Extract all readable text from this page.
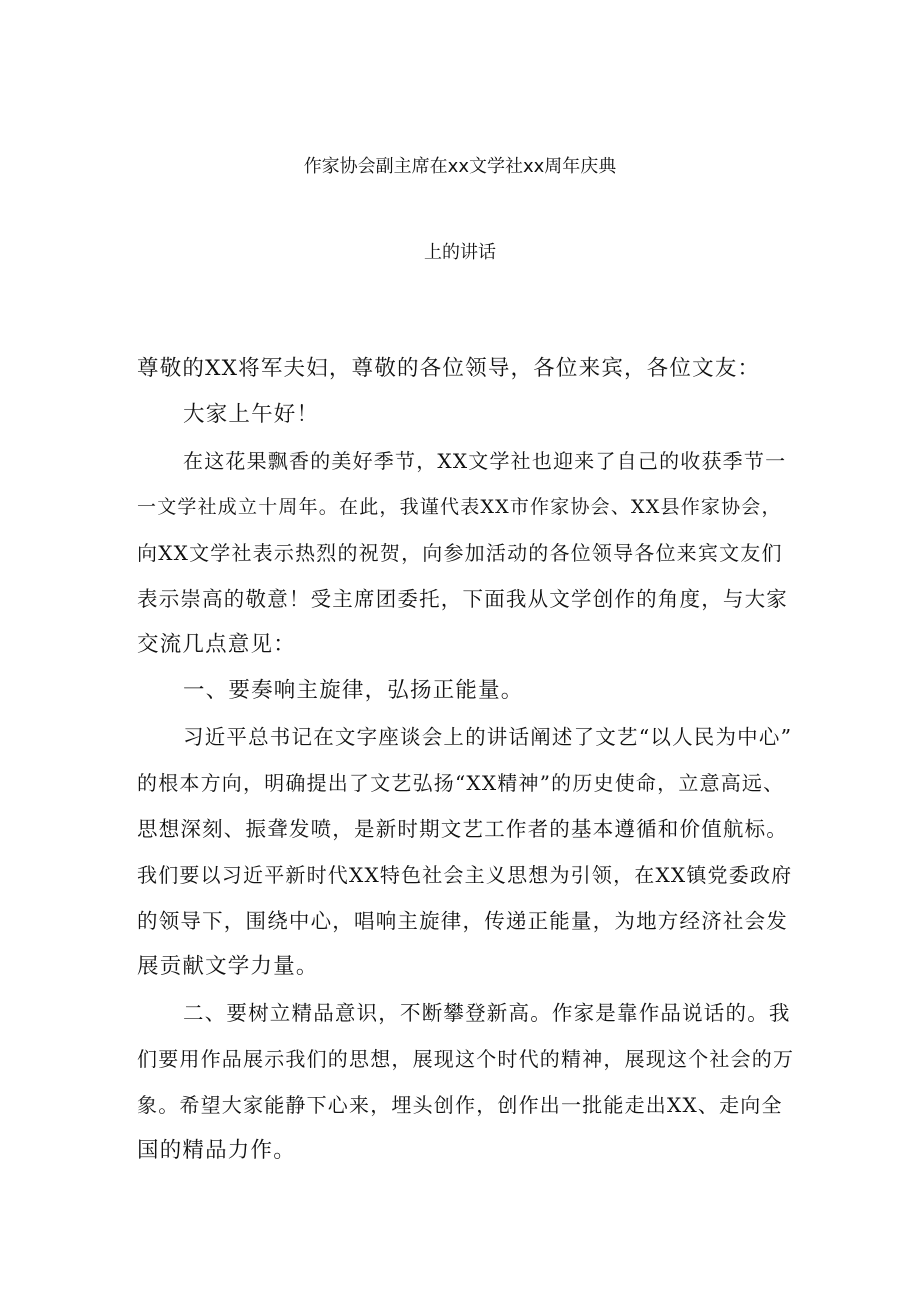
作家协会副主席在xx文学社xx周年庆典
上的讲话
尊敬的XX将军夫妇，尊敬的各位领导，各位来宾，各位文友：
大家上午好！
在这花果飘香的美好季节，XX文学社也迎来了自己的收获季节一
一文学社成立十周年。在此，我谨代表XX市作家协会、XX县作家协会，
向XX文学社表示热烈的祝贺，向参加活动的各位领导各位来宾文友们
表示崇高的敬意！受主席团委托，下面我从文学创作的角度，与大家
交流几点意见：
一、要奏响主旋律，弘扬正能量。
习近平总书记在文字座谈会上的讲话阐述了文艺“以人民为中心”
的根本方向，明确提出了文艺弘扬“XX精神”的历史使命，立意高远、
思想深刻、振聋发喷，是新时期文艺工作者的基本遵循和价值航标。
我们要以习近平新时代XX特色社会主义思想为引领，在XX镇党委政府
的领导下，围绕中心，唱响主旋律，传递正能量，为地方经济社会发
展贡献文学力量。
二、要树立精品意识，不断攀登新高。作家是靠作品说话的。我
们要用作品展示我们的思想，展现这个时代的精神，展现这个社会的万
象。希望大家能静下心来，埋头创作，创作出一批能走出XX、走向全
国的精品力作。
